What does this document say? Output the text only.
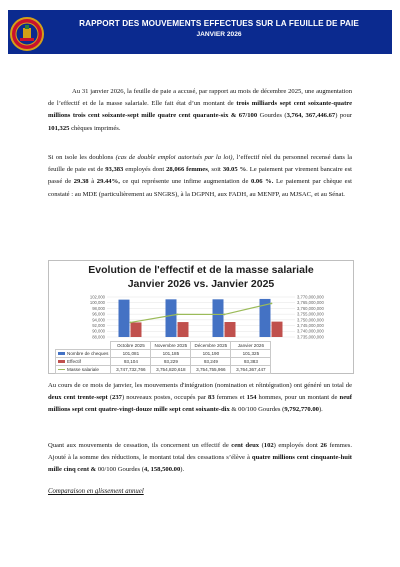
RAPPORT DES MOUVEMENTS EFFECTUES SUR LA FEUILLE DE PAIE
JANVIER 2026

Au 31 janvier 2026, la feuille de paie a accusé, par rapport au mois de décembre 2025, une augmentation de l’effectif et de la masse salariale. Elle fait état d’un montant de trois milliards sept cent soixante-quatre millions trois cent soixante-sept mille quatre cent quarante-six & 67/100 Gourdes (3,764, 367,446.67) pour 101,325 chèques imprimés.

Si on isole les doublons (cas de double emploi autorisés par la loi), l’effectif réel du personnel recensé dans la feuille de paie est de 93,383 employés dont 28,066 femmes, soit 30.05 %. Le paiement par virement bancaire est passé de 29.38 à 29.44%, ce qui représente une infime augmentation de 0.06 %. Le paiement par chèque est constaté : au MDE (particulièrement au SNGRS), à la DGPNH, aux FADH, au MENFP, au MJSAC, et au Sénat.

Evolution de l'effectif et de la masse salariale
Janvier 2026 vs. Janvier 2025
102,000
100,000
98,000
96,000
94,000
92,000
90,000
88,000
3,770,000,000
3,765,000,000
3,760,000,000
3,755,000,000
3,750,000,000
3,745,000,000
3,740,000,000
3,735,000,000
	Octobre 2025	Novembre 2025	Décembre 2025	Janvier 2026
Nombre de cheques	101,081	101,185	101,190	101,325
Effectif	93,104	93,229	93,249	93,383
Masse salariale	3,747,732,766	3,754,820,618	3,754,755,966	3,764,367,447

Au cours de ce mois de janvier, les mouvements d'intégration (nomination et réintégration) ont généré un total de deux cent trente-sept (237) nouveaux postes, occupés par 83 femmes et 154 hommes, pour un montant de neuf millions sept cent quatre-vingt-douze mille sept cent soixante-dix & 00/100 Gourdes (9,792,770.00).

Quant aux mouvements de cessation, ils concernent un effectif de cent deux (102) employés dont 26 femmes. Ajouté à la somme des réductions, le montant total des cessations s’élève à quatre millions cent cinquante-huit mille cinq cent & 00/100 Gourdes (4, 158,500.00).

Comparaison en glissement annuel
